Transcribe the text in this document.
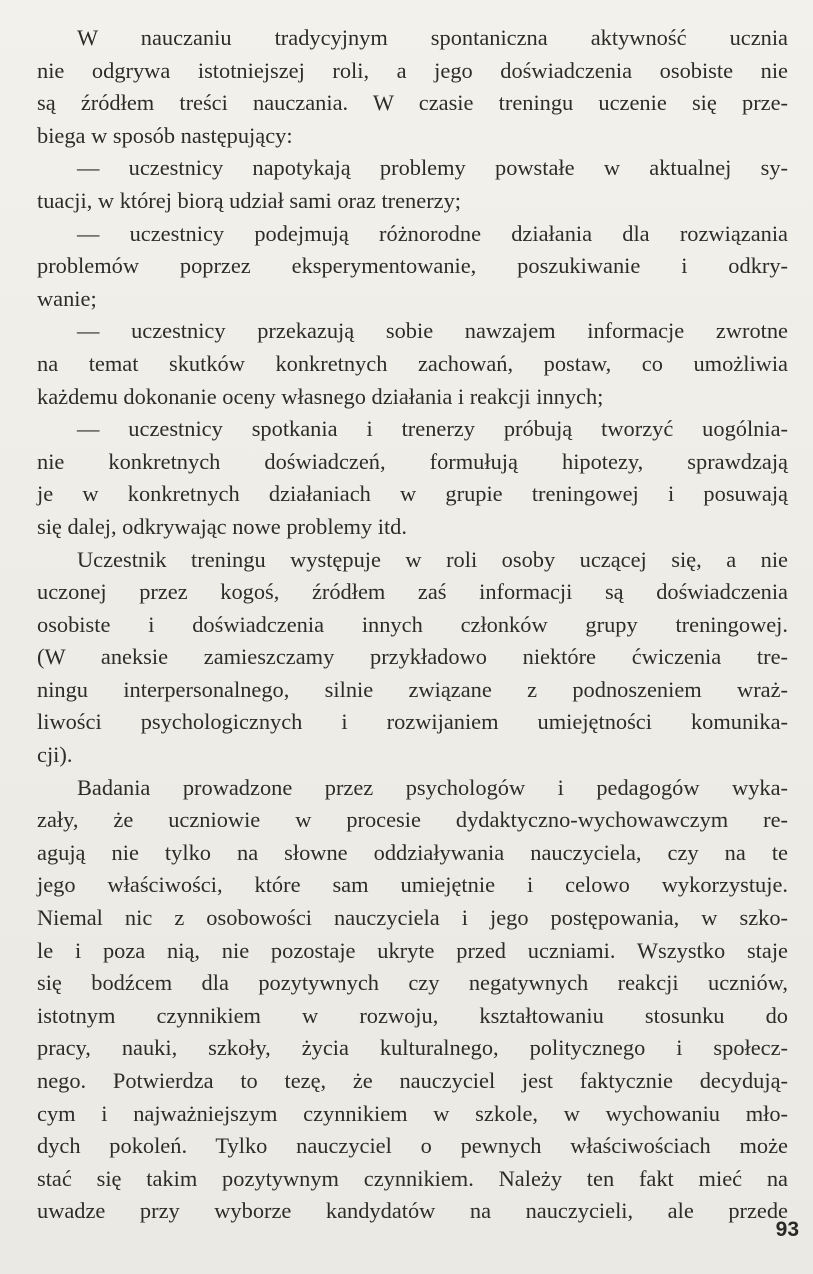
W nauczaniu tradycyjnym spontaniczna aktywność ucznia
nie odgrywa istotniejszej roli, a jego doświadczenia osobiste nie
są źródłem treści nauczania. W czasie treningu uczenie się prze-
biega w sposób następujący:
— uczestnicy napotykają problemy powstałe w aktualnej sy-
tuacji, w której biorą udział sami oraz trenerzy;
— uczestnicy podejmują różnorodne działania dla rozwiązania
problemów poprzez eksperymentowanie, poszukiwanie i odkry-
wanie;
— uczestnicy przekazują sobie nawzajem informacje zwrotne
na temat skutków konkretnych zachowań, postaw, co umożliwia
każdemu dokonanie oceny własnego działania i reakcji innych;
— uczestnicy spotkania i trenerzy próbują tworzyć uogólnia-
nie konkretnych doświadczeń, formułują hipotezy, sprawdzają
je w konkretnych działaniach w grupie treningowej i posuwają
się dalej, odkrywając nowe problemy itd.
Uczestnik treningu występuje w roli osoby uczącej się, a nie
uczonej przez kogoś, źródłem zaś informacji są doświadczenia
osobiste i doświadczenia innych członków grupy treningowej.
(W aneksie zamieszczamy przykładowo niektóre ćwiczenia tre-
ningu interpersonalnego, silnie związane z podnoszeniem wraż-
liwości psychologicznych i rozwijaniem umiejętności komunika-
cji).
Badania prowadzone przez psychologów i pedagogów wyka-
zały, że uczniowie w procesie dydaktyczno-wychowawczym re-
agują nie tylko na słowne oddziaływania nauczyciela, czy na te
jego właściwości, które sam umiejętnie i celowo wykorzystuje.
Niemal nic z osobowości nauczyciela i jego postępowania, w szko-
le i poza nią, nie pozostaje ukryte przed uczniami. Wszystko staje
się bodźcem dla pozytywnych czy negatywnych reakcji uczniów,
istotnym czynnikiem w rozwoju, kształtowaniu stosunku do
pracy, nauki, szkoły, życia kulturalnego, politycznego i społecz-
nego. Potwierdza to tezę, że nauczyciel jest faktycznie decydują-
cym i najważniejszym czynnikiem w szkole, w wychowaniu mło-
dych pokoleń. Tylko nauczyciel o pewnych właściwościach może
stać się takim pozytywnym czynnikiem. Należy ten fakt mieć na
uwadze przy wyborze kandydatów na nauczycieli, ale przede
93
